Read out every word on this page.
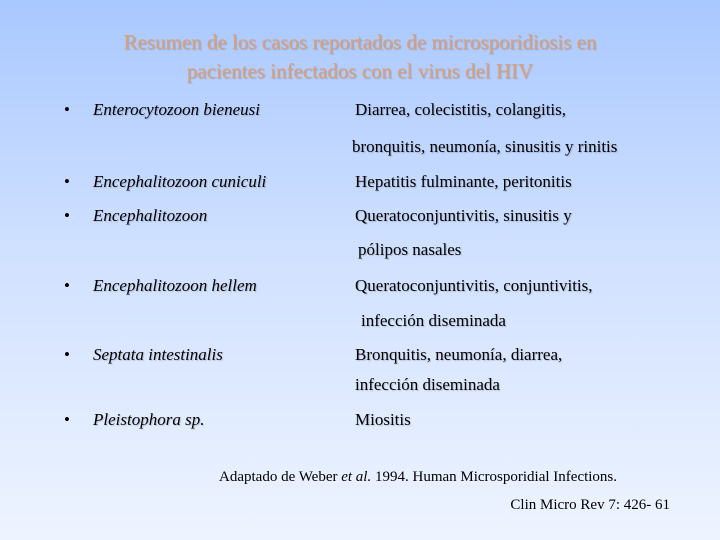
Resumen de los casos reportados de microsporidiosis en
pacientes infectados con el virus del HIV
• Enterocytozoon bieneusi	Diarrea, colecistitis, colangitis,
bronquitis, neumonía, sinusitis y rinitis
• Encephalitozoon cuniculi	Hepatitis fulminante, peritonitis
• Encephalitozoon	Queratoconjuntivitis, sinusitis y
pólipos nasales
• Encephalitozoon hellem	Queratoconjuntivitis, conjuntivitis,
infección diseminada
• Septata intestinalis	Bronquitis, neumonía, diarrea,
infección diseminada
• Pleistophora sp.	Miositis
Adaptado de Weber et al. 1994. Human Microsporidial Infections.
Clin Micro Rev 7: 426- 61
